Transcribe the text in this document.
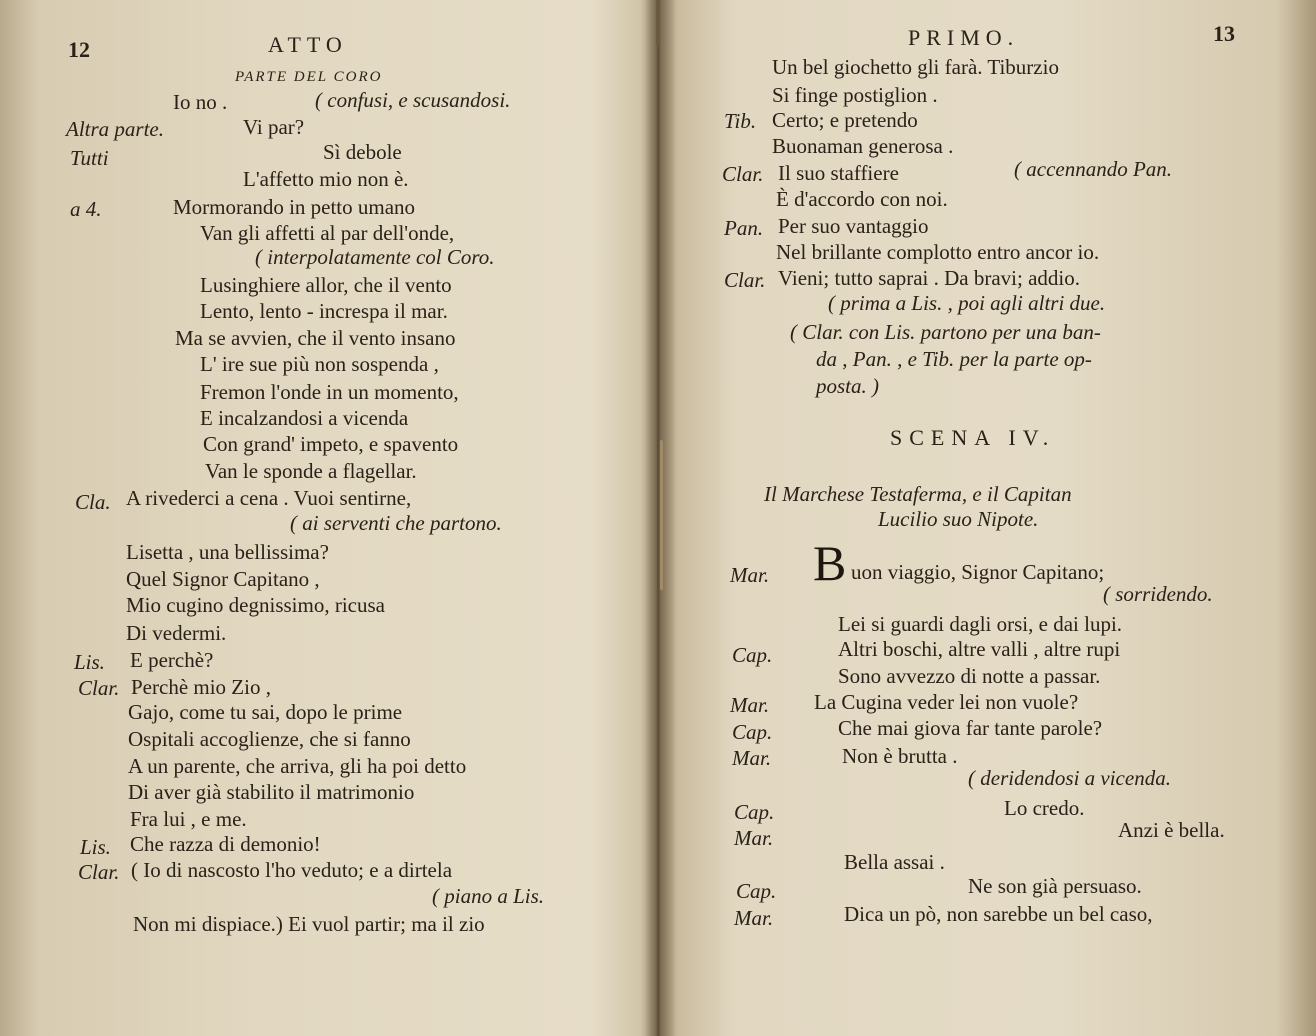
12	ATTO
PARTE DEL CORO
Io no .	( confusi, e scusandosi.
Altra parte.	Vi par?
Tutti	Sì debole
L'affetto mio non è.
a 4.	Mormorando in petto umano
Van gli affetti al par dell'onde,
( interpolatamente col Coro.
Lusinghiere allor, che il vento
Lento, lento - increspa il mar.
Ma se avvien, che il vento insano
L' ire sue più non sospenda ,
Fremon l'onde in un momento,
E incalzandosi a vicenda
Con grand' impeto, e spavento
Van le sponde a flagellar.
Cla. A rivederci a cena . Vuoi sentirne,
( ai serventi che partono.
Lisetta , una bellissima?
Quel Signor Capitano ,
Mio cugino degnissimo, ricusa
Di vedermi.
Lis. E perchè?
Clar. Perchè mio Zio ,
Gajo, come tu sai, dopo le prime
Ospitali accoglienze, che si fanno
A un parente, che arriva, gli ha poi detto
Di aver già stabilito il matrimonio
Fra lui , e me.
Lis. Che razza di demonio!
Clar. ( Io di nascosto l'ho veduto; e a dirtela
( piano a Lis.
Non mi dispiace.) Ei vuol partir; ma il zio
PRIMO.	13
Un bel giochetto gli farà. Tiburzio
Si finge postiglion .
Tib. Certo; e pretendo
Buonaman generosa .
Clar. Il suo staffiere	( accennando Pan.
È d'accordo con noi.
Pan. Per suo vantaggio
Nel brillante complotto entro ancor io.
Clar. Vieni; tutto saprai . Da bravi; addio.
( prima a Lis. , poi agli altri due.
( Clar. con Lis. partono per una ban-
da , Pan. , e Tib. per la parte op-
posta. )
SCENA IV.
Il Marchese Testaferma, e il Capitan
Lucilio suo Nipote.
Mar. B uon viaggio, Signor Capitano;
( sorridendo.
Lei si guardi dagli orsi, e dai lupi.
Cap.	Altri boschi, altre valli , altre rupi
Sono avvezzo di notte a passar.
Mar. La Cugina veder lei non vuole?
Cap.	Che mai giova far tante parole?
Mar.	Non è brutta .
( deridendosi a vicenda.
Cap.	Lo credo.
Mar.	Anzi è bella.
Bella assai .
Cap.	Ne son già persuaso.
Mar.	Dica un pò, non sarebbe un bel caso,
